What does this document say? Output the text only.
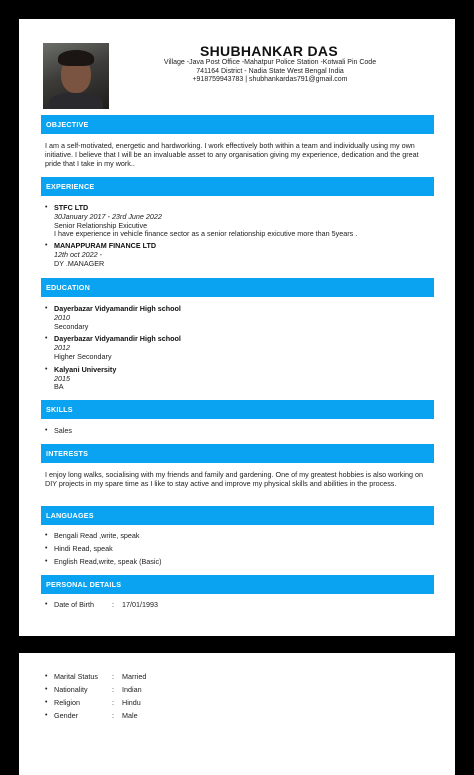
SHUBHANKAR DAS
Village -Java Post Office -Mahatpur Police Station -Kotwali Pin Code
741164 District - Nadia State West Bengal India
+918759943783 | shubhankardas791@gmail.com
OBJECTIVE
I am a self-motivated, energetic and hardworking. I work effectively both within a team and individually using my own initiative. I believe that I will be an invaluable asset to any organisation giving my experience, dedication and the great pride that I take in my work..
EXPERIENCE
• STFC LTD
30January 2017 - 23rd June 2022
Senior Relationship Exicutive
I have experience in vehicle finance sector as a senior relationship exicutive more than 5years .
• MANAPPURAM FINANCE LTD
12th oct 2022 -
DY .MANAGER
EDUCATION
• Dayerbazar Vidyamandir High school
2010
Secondary
• Dayerbazar Vidyamandir High school
2012
Higher Secondary
• Kalyani University
2015
BA
SKILLS
• Sales
INTERESTS
I enjoy long walks, socialising with my friends and family and gardening. One of my greatest hobbies is also working on DIY projects in my spare time as I like to stay active and improve my physical skills and abilities in the process.
LANGUAGES
• Bengali Read ,write, speak
• Hindi Read, speak
• English Read,write, speak (Basic)
PERSONAL DETAILS
• Date of Birth	:	17/01/1993
• Marital Status	:	Married
• Nationality	:	Indian
• Religion	:	Hindu
• Gender	:	Male
